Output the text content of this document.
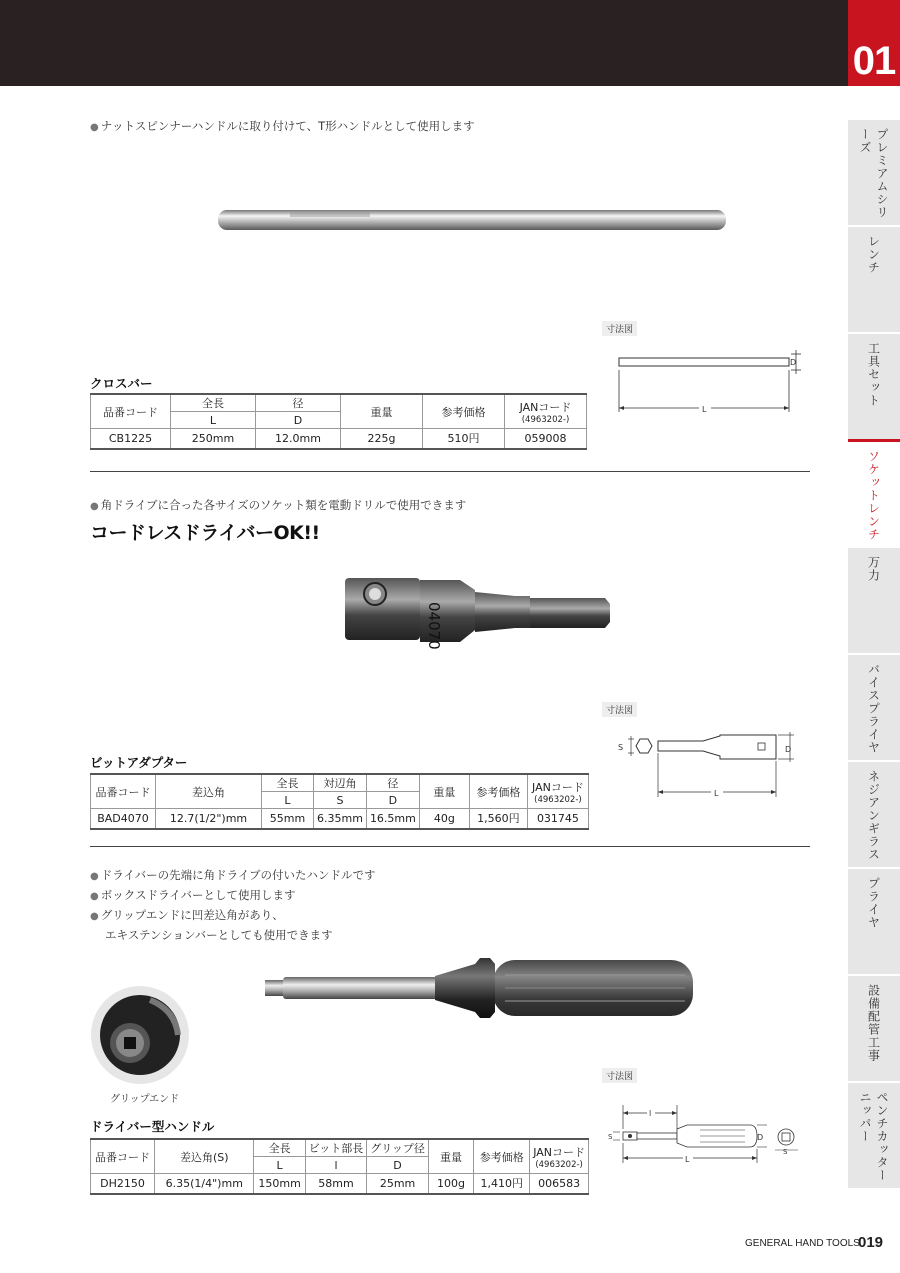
01
プレミアムシリーズ
レンチ
工具セット
ソケットレンチ
万力
バイスプライヤ
ネジアンギラス
プライヤ
設備配管工事
ペンチカッターニッパー
● ナットスピンナーハンドルに取り付けて、T形ハンドルとして使用します
寸法図
D
L
クロスバー
品番コード	全長	径	重量	参考価格	JANコード
(4963202-)

	L	D			
CB1225	250mm	12.0mm	225g	510円	059008
● 角ドライブに合った各サイズのソケット類を電動ドリルで使用できます
コードレスドライバーOK!!
04070
寸法図
S	D
L
ビットアダプター
品番コード	差込角	全長	対辺角	径	重量	参考価格	JANコード
(4963202-)

		L	S	D			
BAD4070	12.7(1/2")mm	55mm	6.35mm	16.5mm	40g	1,560円	031745
● ドライバーの先端に角ドライブの付いたハンドルです
● ボックスドライバーとして使用します
● グリップエンドに凹差込角があり、
エキステンションバーとしても使用できます
グリップエンド
寸法図
l
S	D
L
S
ドライバー型ハンドル
品番コード	差込角(S)	全長	ビット部長	グリップ径	重量	参考価格	JANコード
(4963202-)

		L	l	D			
DH2150	6.35(1/4")mm	150mm	58mm	25mm	100g	1,410円	006583
GENERAL HAND TOOLS
019
